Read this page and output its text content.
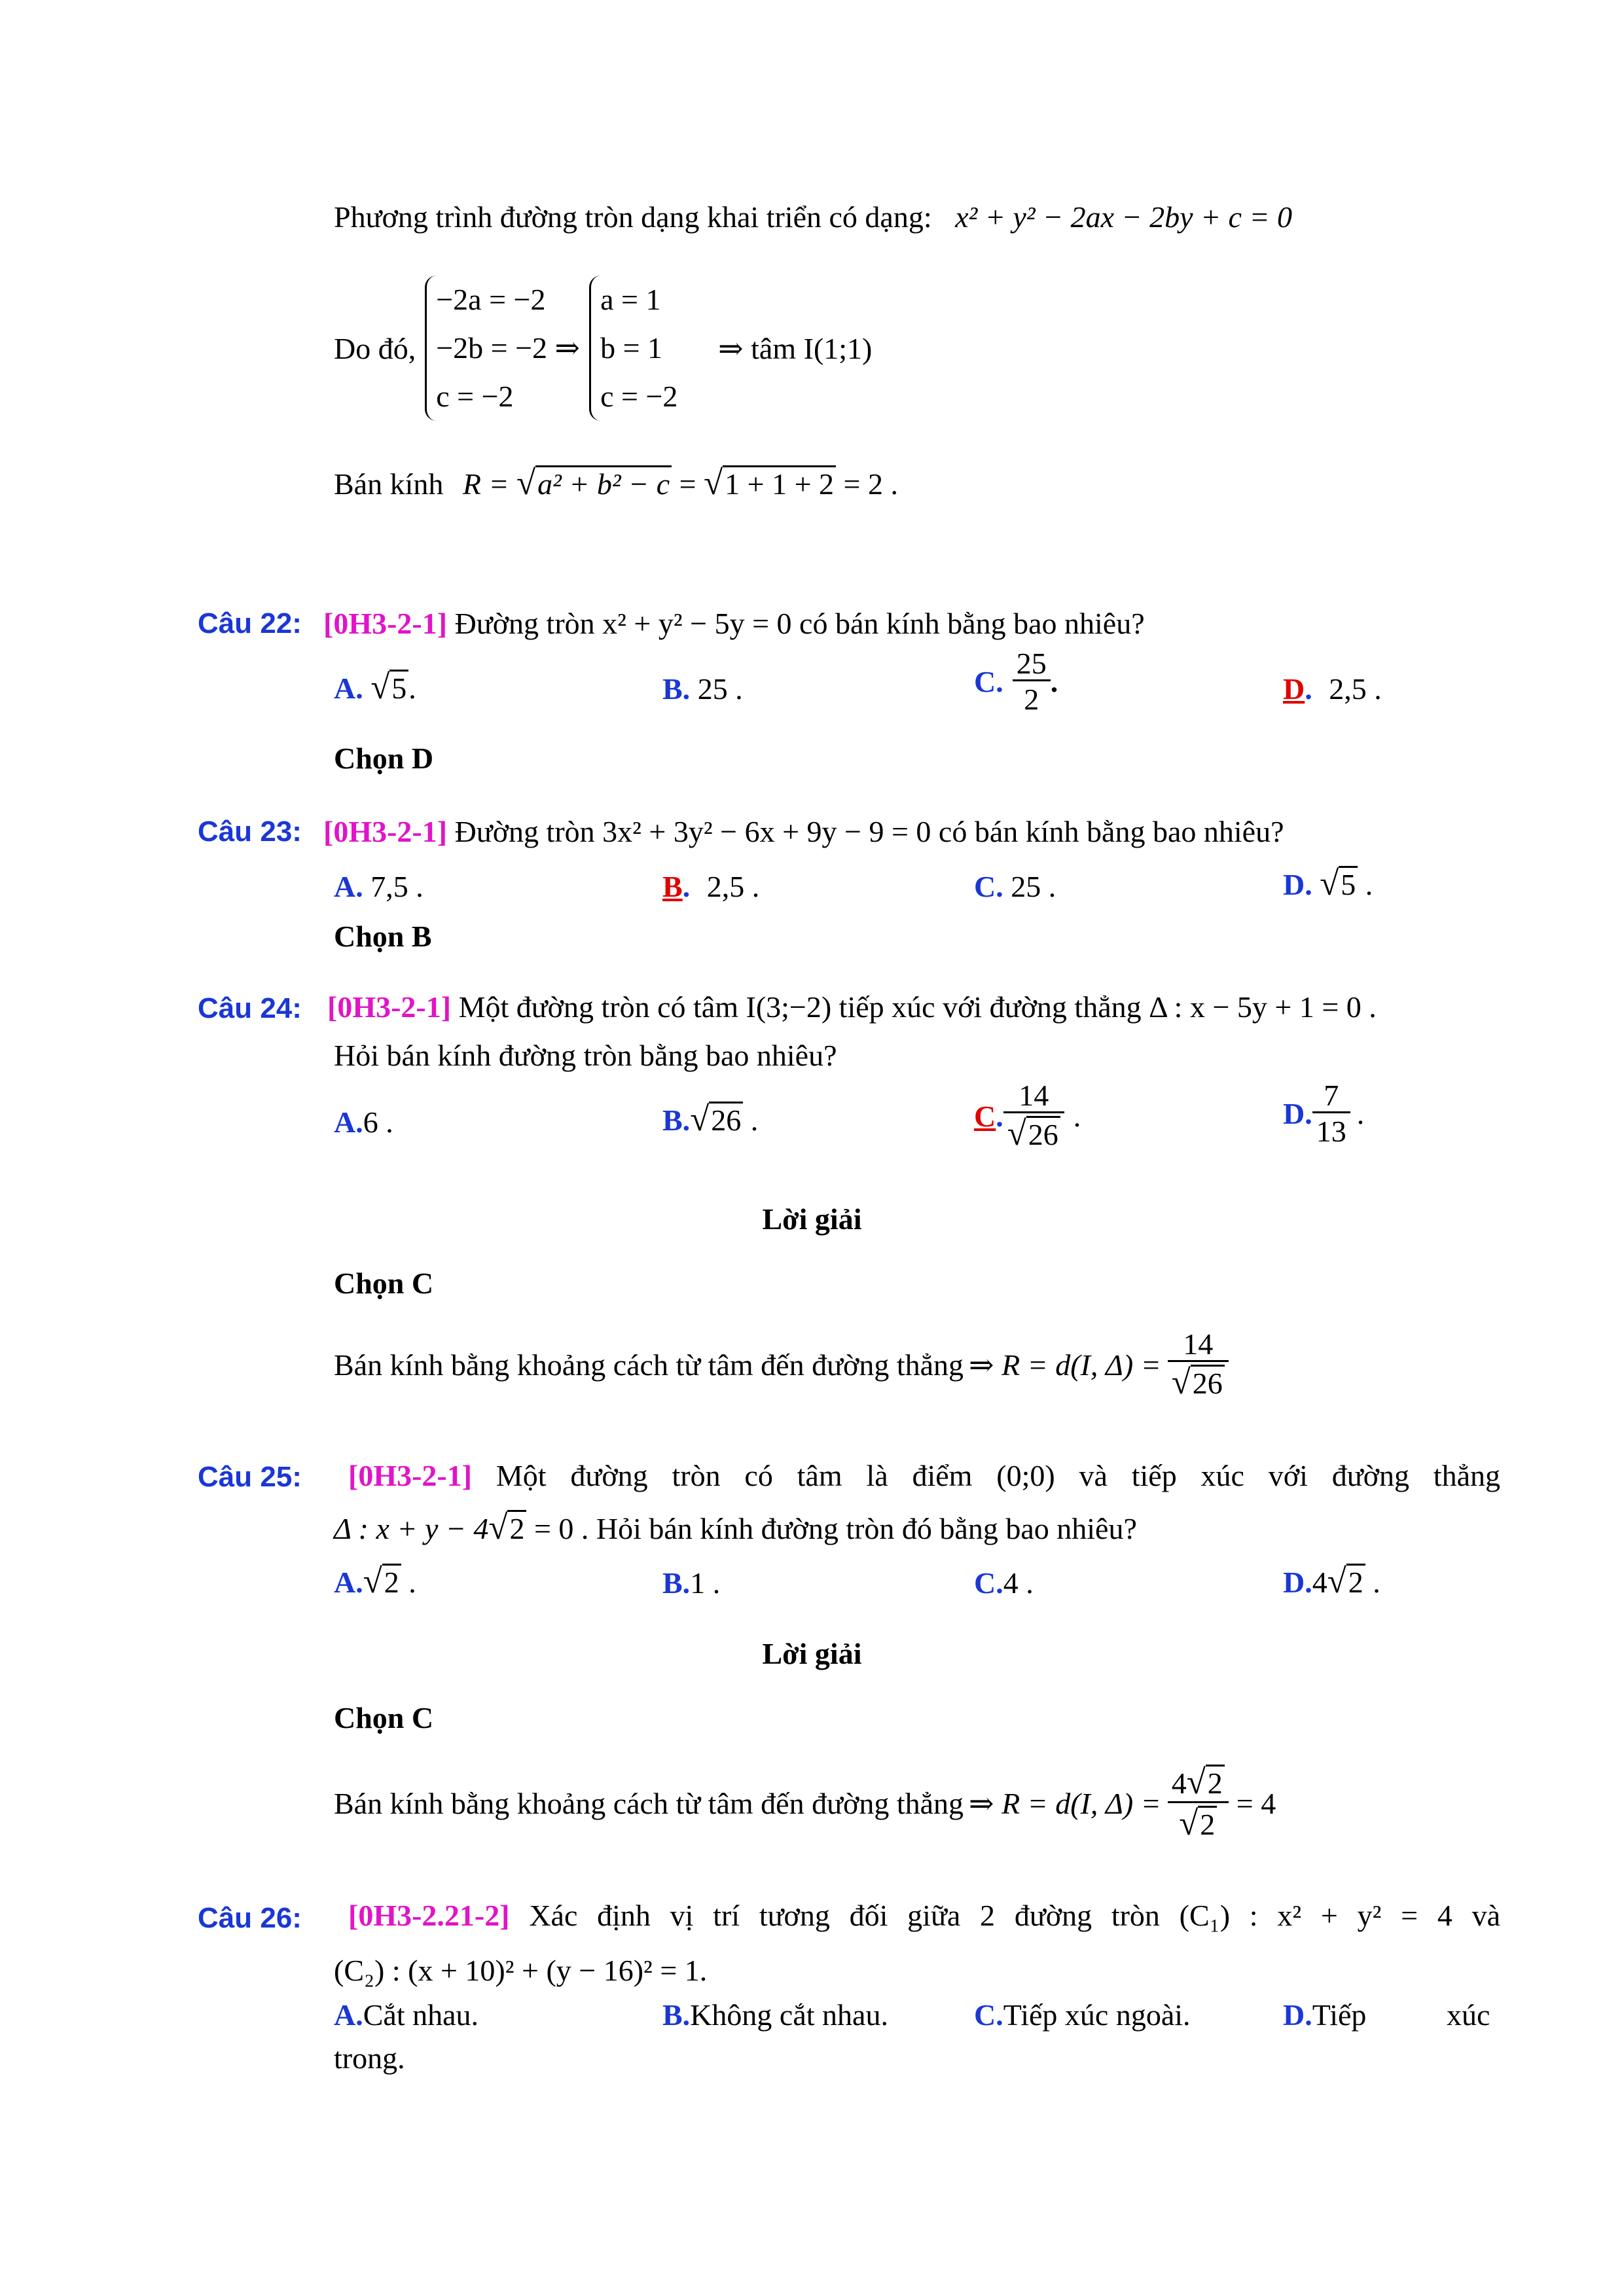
Phương trình đường tròn dạng khai triển có dạng: x² + y² − 2ax − 2by + c = 0
Do đó,
−2a = −2
−2b = −2 ⇒
c = −2
a = 1
b = 1
c = −2
⇒ tâm I(1;1)
Bán kính R = √a² + b² − c = √1 + 1 + 2 = 2 .
Câu 22: [0H3-2-1] Đường tròn x² + y² − 5y = 0 có bán kính bằng bao nhiêu?
A. √5.	B. 25 .	C. $\frac{25}{2}$ .	D. 2,5 .
Chọn D
Câu 23: [0H3-2-1] Đường tròn 3x² + 3y² − 6x + 9y − 9 = 0 có bán kính bằng bao nhiêu?
A. 7,5 .	B. 2,5 .	C. 25 .	D. √5 .
Chọn B
Câu 24: [0H3-2-1] Một đường tròn có tâm I(3;−2) tiếp xúc với đường thẳng Δ : x − 5y + 1 = 0 .
Hỏi bán kính đường tròn bằng bao nhiêu?
A.6 .	B.√26 .	C . $\frac{14}{√26}$ .	D. $\frac{7}{13}$ .
Lời giải
Chọn C
Bán kính bằng khoảng cách từ tâm đến đường thẳng ⇒ R = d(I, $\Delta) = \frac{14}{√26}$
Câu 25: [0H3-2-1] Một đường tròn có tâm là điểm (0;0) và tiếp xúc với đường thẳng
Δ : x + y − 4√2 = 0 . Hỏi bán kính đường tròn đó bằng bao nhiêu?
A.√2 .	B.1 .	C.4 .	D.4√2 .
Lời giải
Chọn C
Bán kính bằng khoảng cách từ tâm đến đường thẳng ⇒ R = d(I, $\Delta) = \frac{4√2}{√2} = 4$
Câu 26: [0H3-2.21-2] Xác định vị trí tương đối giữa 2 đường tròn (C₁) : x² + y² = 4 và
(C₂) : (x + 10)² + (y − 16)² = 1.
A.Cắt nhau.	B.Không cắt nhau.	C.Tiếp xúc ngoài.	D.Tiếp	xúc
trong.
